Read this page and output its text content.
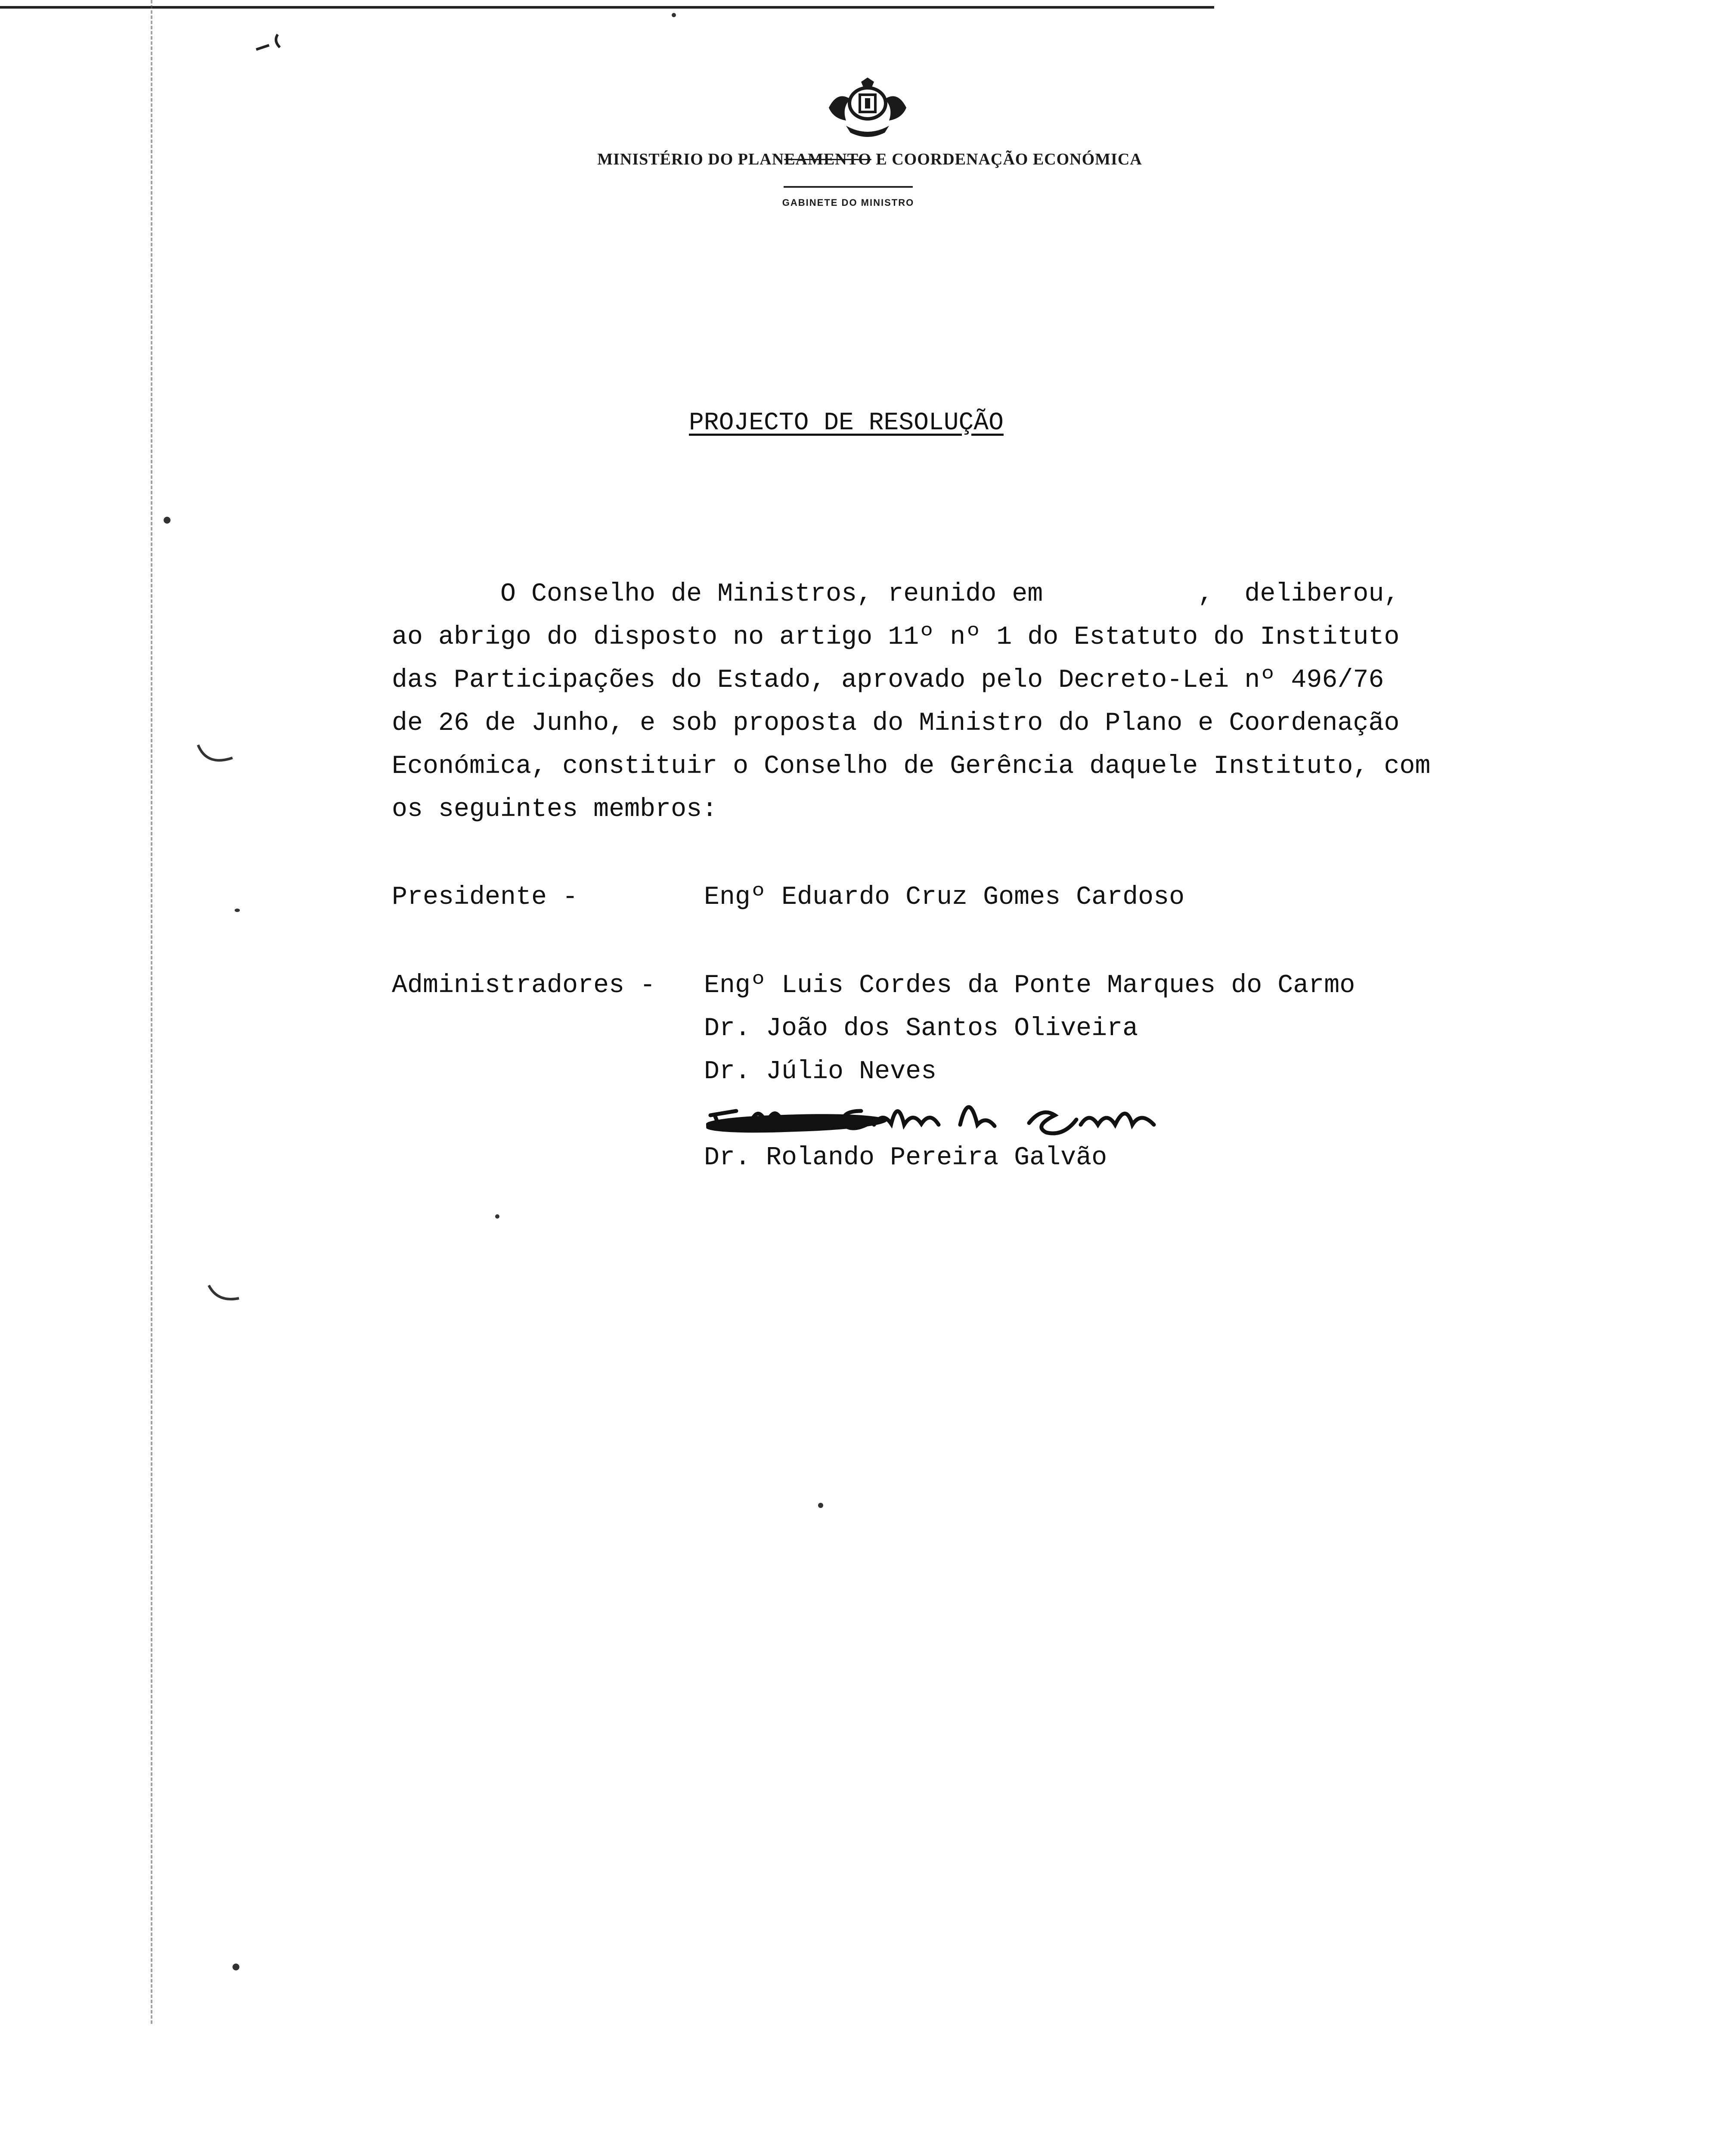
MINISTÉRIO DO PLANEAMENTO E COORDENAÇÃO ECONÓMICA
GABINETE DO MINISTRO
PROJECTO DE RESOLUÇÃO

O Conselho de Ministros, reunido em          ,  deliberou,

ao abrigo do disposto no artigo 11º nº 1 do Estatuto do Instituto

das Participações do Estado, aprovado pelo Decreto-Lei nº 496/76

de 26 de Junho, e sob proposta do Ministro do Plano e Coordenação

Económica, constituir o Conselho de Gerência daquele Instituto, com

os seguintes membros:

Presidente -	Engº Eduardo Cruz Gomes Cardoso
Administradores - Engº Luis Cordes da Ponte Marques do Carmo
Dr. João dos Santos Oliveira
Dr. Júlio Neves
Dr. Rolando Pereira Galvão
